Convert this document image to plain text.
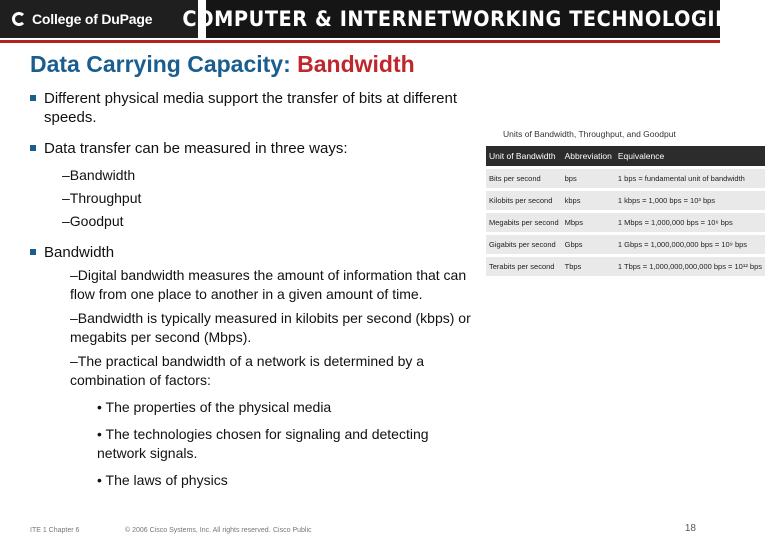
College of DuPage COMPUTER & INTERNETWORKING TECHNOLOGIES
Data Carrying Capacity: Bandwidth
Different physical media support the transfer of bits at different speeds.
Data transfer can be measured in three ways:
–Bandwidth
–Throughput
–Goodput
Bandwidth
–Digital bandwidth measures the amount of information that can flow from one place to another in a given amount of time.
–Bandwidth is typically measured in kilobits per second (kbps) or megabits per second (Mbps).
–The practical bandwidth of a network is determined by a combination of factors:
• The properties of the physical media
• The technologies chosen for signaling and detecting network signals.
• The laws of physics
Units of Bandwidth, Throughput, and Goodput
Unit of Bandwidth	Abbreviation	Equivalence
Bits per second	bps	1 bps = fundamental unit of bandwidth
Kilobits per second	kbps	1 kbps = 1,000 bps = 10³ bps
Megabits per second	Mbps	1 Mbps = 1,000,000 bps = 10⁶ bps
Gigabits per second	Gbps	1 Gbps = 1,000,000,000 bps = 10⁹ bps
Terabits per second	Tbps	1 Tbps = 1,000,000,000,000 bps = 10¹² bps
ITE 1 Chapter 6	© 2006 Cisco Systems, Inc. All rights reserved. Cisco Public	18
